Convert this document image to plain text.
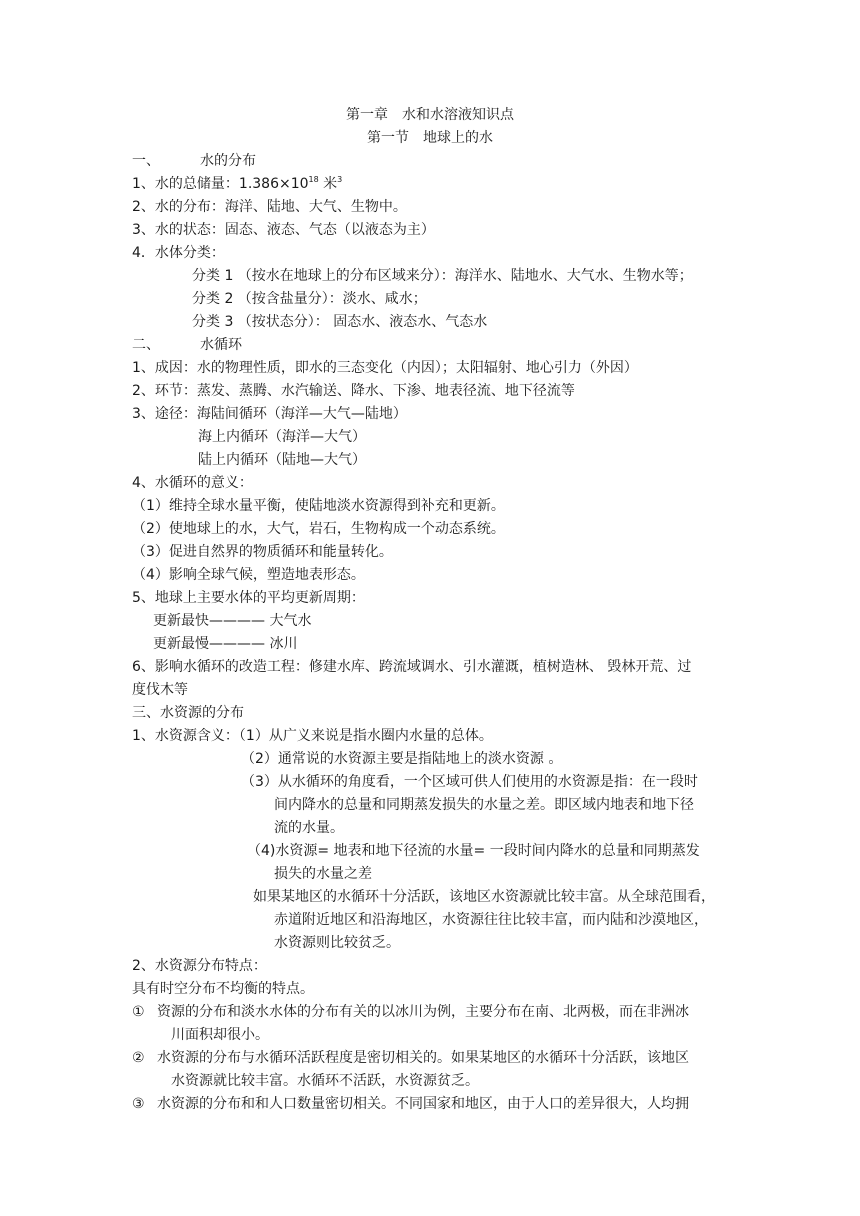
第一章　水和水溶液知识点
第一节　地球上的水
一、	水的分布
1、水的总储量：$1.386\times 10^{18}$ 米$^3$
2、水的分布：海洋、陆地、大气、生物中。
3、水的状态：固态、液态、气态（以液态为主）
4．水体分类：
分类 1 （按水在地球上的分布区域来分）：海洋水、陆地水、大气水、生物水等；
分类 2 （按含盐量分）：淡水、咸水；
分类 3 （按状态分）： 固态水、液态水、气态水
二、	水循环
1、成因：水的物理性质，即水的三态变化（内因）；太阳辐射、地心引力（外因）
2、环节：蒸发、蒸腾、水汽输送、降水、下渗、地表径流、地下径流等
3、途径：海陆间循环（海洋—大气—陆地）
海上内循环（海洋—大气）
陆上内循环（陆地—大气）
4、水循环的意义：
（1）维持全球水量平衡，使陆地淡水资源得到补充和更新。
（2）使地球上的水，大气，岩石，生物构成一个动态系统。
（3）促进自然界的物质循环和能量转化。
（4）影响全球气候，塑造地表形态。
5、地球上主要水体的平均更新周期：
更新最快———— 大气水
更新最慢———— 冰川
6、影响水循环的改造工程：修建水库、跨流域调水、引水灌溉，植树造林、 毁林开荒、过
度伐木等
三、水资源的分布
1、水资源含义：（1）从广义来说是指水圈内水量的总体。
（2）通常说的水资源主要是指陆地上的淡水资源 。
（3）从水循环的角度看，一个区域可供人们使用的水资源是指：在一段时
间内降水的总量和同期蒸发损失的水量之差。即区域内地表和地下径
流的水量。
（4)水资源= 地表和地下径流的水量= 一段时间内降水的总量和同期蒸发
损失的水量之差
如果某地区的水循环十分活跃，该地区水资源就比较丰富。从全球范围看，
赤道附近地区和沿海地区，水资源往往比较丰富，而内陆和沙漠地区，
水资源则比较贫乏。
2、水资源分布特点：
具有时空分布不均衡的特点。
① 资源的分布和淡水水体的分布有关的以冰川为例，主要分布在南、北两极，而在非洲冰
川面积却很小。
② 水资源的分布与水循环活跃程度是密切相关的。如果某地区的水循环十分活跃，该地区
水资源就比较丰富。水循环不活跃，水资源贫乏。
③ 水资源的分布和和人口数量密切相关。不同国家和地区，由于人口的差异很大，人均拥
